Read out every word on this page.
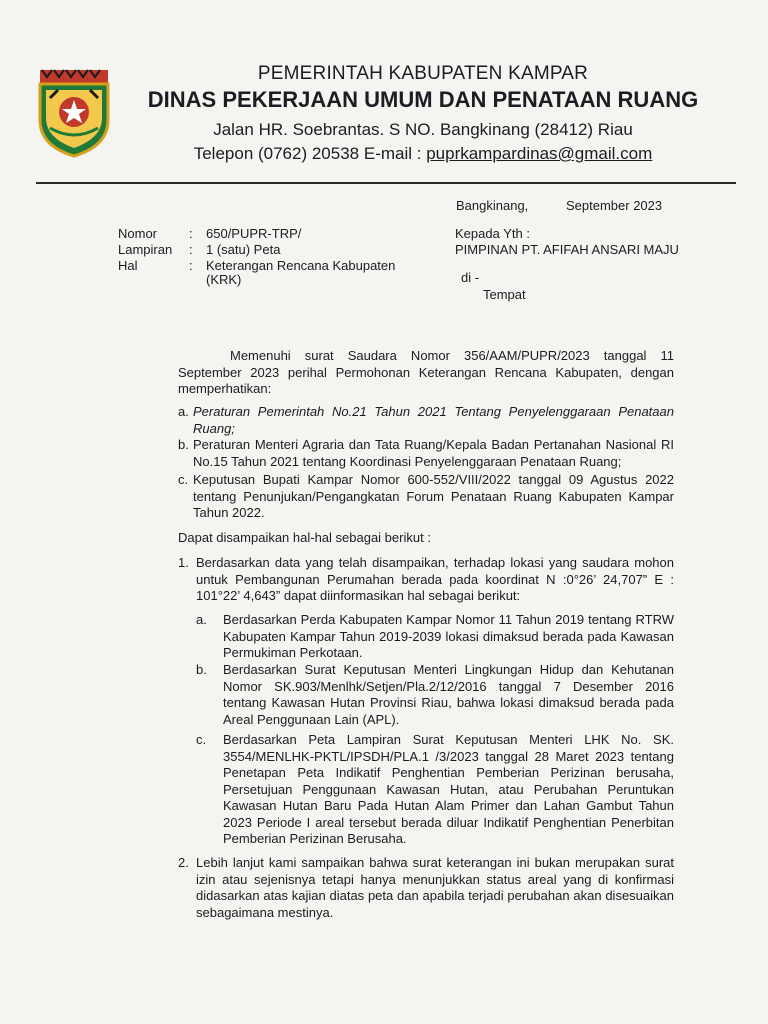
PEMERINTAH KABUPATEN KAMPAR
DINAS PEKERJAAN UMUM DAN PENATAAN RUANG
Jalan HR. Soebrantas. S NO. Bangkinang (28412) Riau
Telepon (0762) 20538 E-mail : puprkampardinas@gmail.com
Bangkinang,	September 2023
Nomor : 650/PUPR-TRP/
Lampiran : 1 (satu) Peta
Hal	: Keterangan Rencana Kabupaten
(KRK)
Kepada Yth :
PIMPINAN PT. AFIFAH ANSARI MAJU
di -
Tempat
Memenuhi surat Saudara Nomor 356/AAM/PUPR/2023 tanggal 11 September 2023 perihal Permohonan Keterangan Rencana Kabupaten, dengan memperhatikan:
a. Peraturan Pemerintah No.21 Tahun 2021 Tentang Penyelenggaraan Penataan Ruang;
b. Peraturan Menteri Agraria dan Tata Ruang/Kepala Badan Pertanahan Nasional RI No.15 Tahun 2021 tentang Koordinasi Penyelenggaraan Penataan Ruang;
c. Keputusan Bupati Kampar Nomor 600-552/VIII/2022 tanggal 09 Agustus 2022 tentang Penunjukan/Pengangkatan Forum Penataan Ruang Kabupaten Kampar Tahun 2022.
Dapat disampaikan hal-hal sebagai berikut :
1. Berdasarkan data yang telah disampaikan, terhadap lokasi yang saudara mohon untuk Pembangunan Perumahan berada pada koordinat N :0°26’ 24,707” E : 101°22’ 4,643” dapat diinformasikan hal sebagai berikut:
a. Berdasarkan Perda Kabupaten Kampar Nomor 11 Tahun 2019 tentang RTRW Kabupaten Kampar Tahun 2019-2039 lokasi dimaksud berada pada Kawasan Permukiman Perkotaan.
b. Berdasarkan Surat Keputusan Menteri Lingkungan Hidup dan Kehutanan Nomor SK.903/Menlhk/Setjen/Pla.2/12/2016 tanggal 7 Desember 2016 tentang Kawasan Hutan Provinsi Riau, bahwa lokasi dimaksud berada pada Areal Penggunaan Lain (APL).
c. Berdasarkan Peta Lampiran Surat Keputusan Menteri LHK No. SK. 3554/MENLHK-PKTL/IPSDH/PLA.1 /3/2023 tanggal 28 Maret 2023 tentang Penetapan Peta Indikatif Penghentian Pemberian Perizinan berusaha, Persetujuan Penggunaan Kawasan Hutan, atau Perubahan Peruntukan Kawasan Hutan Baru Pada Hutan Alam Primer dan Lahan Gambut Tahun 2023 Periode I areal tersebut berada diluar Indikatif Penghentian Penerbitan Pemberian Perizinan Berusaha.
2. Lebih lanjut kami sampaikan bahwa surat keterangan ini bukan merupakan surat izin atau sejenisnya tetapi hanya menunjukkan status areal yang di konfirmasi didasarkan atas kajian diatas peta dan apabila terjadi perubahan akan disesuaikan sebagaimana mestinya.
